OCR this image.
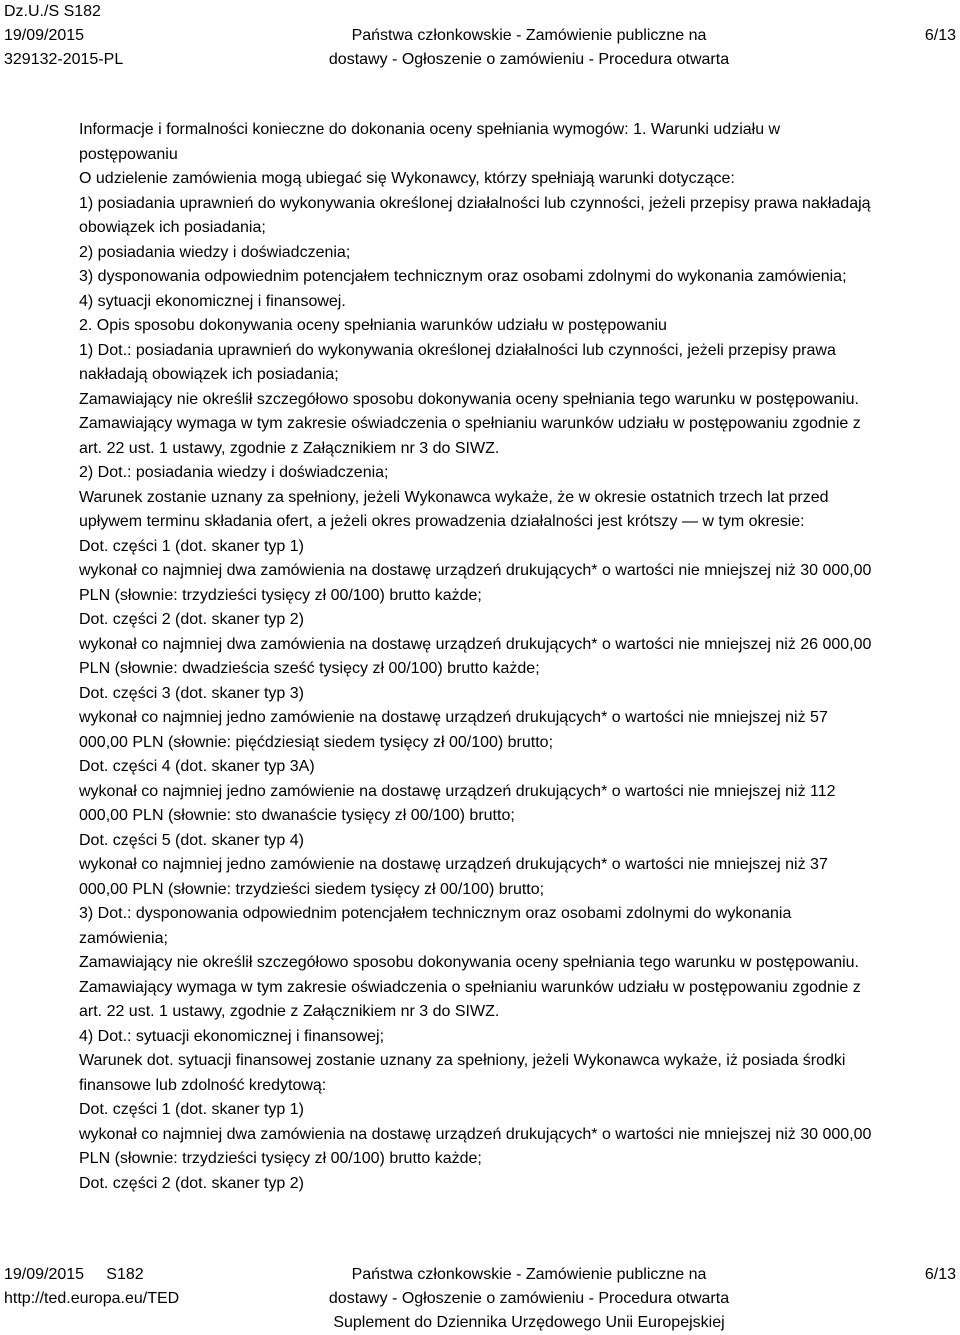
Dz.U./S S182
19/09/2015
329132-2015-PL
Państwa członkowskie - Zamówienie publiczne na
dostawy - Ogłoszenie o zamówieniu - Procedura otwarta
6/13

Informacje i formalności konieczne do dokonania oceny spełniania wymogów: 1. Warunki udziału w

postępowaniu

O udzielenie zamówienia mogą ubiegać się Wykonawcy, którzy spełniają warunki dotyczące:

1) posiadania uprawnień do wykonywania określonej działalności lub czynności, jeżeli przepisy prawa nakładają

obowiązek ich posiadania;

2) posiadania wiedzy i doświadczenia;

3) dysponowania odpowiednim potencjałem technicznym oraz osobami zdolnymi do wykonania zamówienia;

4) sytuacji ekonomicznej i finansowej.

2. Opis sposobu dokonywania oceny spełniania warunków udziału w postępowaniu

1) Dot.: posiadania uprawnień do wykonywania określonej działalności lub czynności, jeżeli przepisy prawa

nakładają obowiązek ich posiadania;

Zamawiający nie określił szczegółowo sposobu dokonywania oceny spełniania tego warunku w postępowaniu.

Zamawiający wymaga w tym zakresie oświadczenia o spełnianiu warunków udziału w postępowaniu zgodnie z

art. 22 ust. 1 ustawy, zgodnie z Załącznikiem nr 3 do SIWZ.

2) Dot.: posiadania wiedzy i doświadczenia;

Warunek zostanie uznany za spełniony, jeżeli Wykonawca wykaże, że w okresie ostatnich trzech lat przed

upływem terminu składania ofert, a jeżeli okres prowadzenia działalności jest krótszy — w tym okresie:

Dot. części 1 (dot. skaner typ 1)

wykonał co najmniej dwa zamówienia na dostawę urządzeń drukujących* o wartości nie mniejszej niż 30 000,00

PLN (słownie: trzydzieści tysięcy zł 00/100) brutto każde;

Dot. części 2 (dot. skaner typ 2)

wykonał co najmniej dwa zamówienia na dostawę urządzeń drukujących* o wartości nie mniejszej niż 26 000,00

PLN (słownie: dwadzieścia sześć tysięcy zł 00/100) brutto każde;

Dot. części 3 (dot. skaner typ 3)

wykonał co najmniej jedno zamówienie na dostawę urządzeń drukujących* o wartości nie mniejszej niż 57

000,00 PLN (słownie: pięćdziesiąt siedem tysięcy zł 00/100) brutto;

Dot. części 4 (dot. skaner typ 3A)

wykonał co najmniej jedno zamówienie na dostawę urządzeń drukujących* o wartości nie mniejszej niż 112

000,00 PLN (słownie: sto dwanaście tysięcy zł 00/100) brutto;

Dot. części 5 (dot. skaner typ 4)

wykonał co najmniej jedno zamówienie na dostawę urządzeń drukujących* o wartości nie mniejszej niż 37

000,00 PLN (słownie: trzydzieści siedem tysięcy zł 00/100) brutto;

3) Dot.: dysponowania odpowiednim potencjałem technicznym oraz osobami zdolnymi do wykonania

zamówienia;

Zamawiający nie określił szczegółowo sposobu dokonywania oceny spełniania tego warunku w postępowaniu.

Zamawiający wymaga w tym zakresie oświadczenia o spełnianiu warunków udziału w postępowaniu zgodnie z

art. 22 ust. 1 ustawy, zgodnie z Załącznikiem nr 3 do SIWZ.

4) Dot.: sytuacji ekonomicznej i finansowej;

Warunek dot. sytuacji finansowej zostanie uznany za spełniony, jeżeli Wykonawca wykaże, iż posiada środki

finansowe lub zdolność kredytową:

Dot. części 1 (dot. skaner typ 1)

wykonał co najmniej dwa zamówienia na dostawę urządzeń drukujących* o wartości nie mniejszej niż 30 000,00

PLN (słownie: trzydzieści tysięcy zł 00/100) brutto każde;

Dot. części 2 (dot. skaner typ 2)

19/09/2015     S182
http://ted.europa.eu/TED
Państwa członkowskie - Zamówienie publiczne na
dostawy - Ogłoszenie o zamówieniu - Procedura otwarta
Suplement do Dziennika Urzędowego Unii Europejskiej
6/13
